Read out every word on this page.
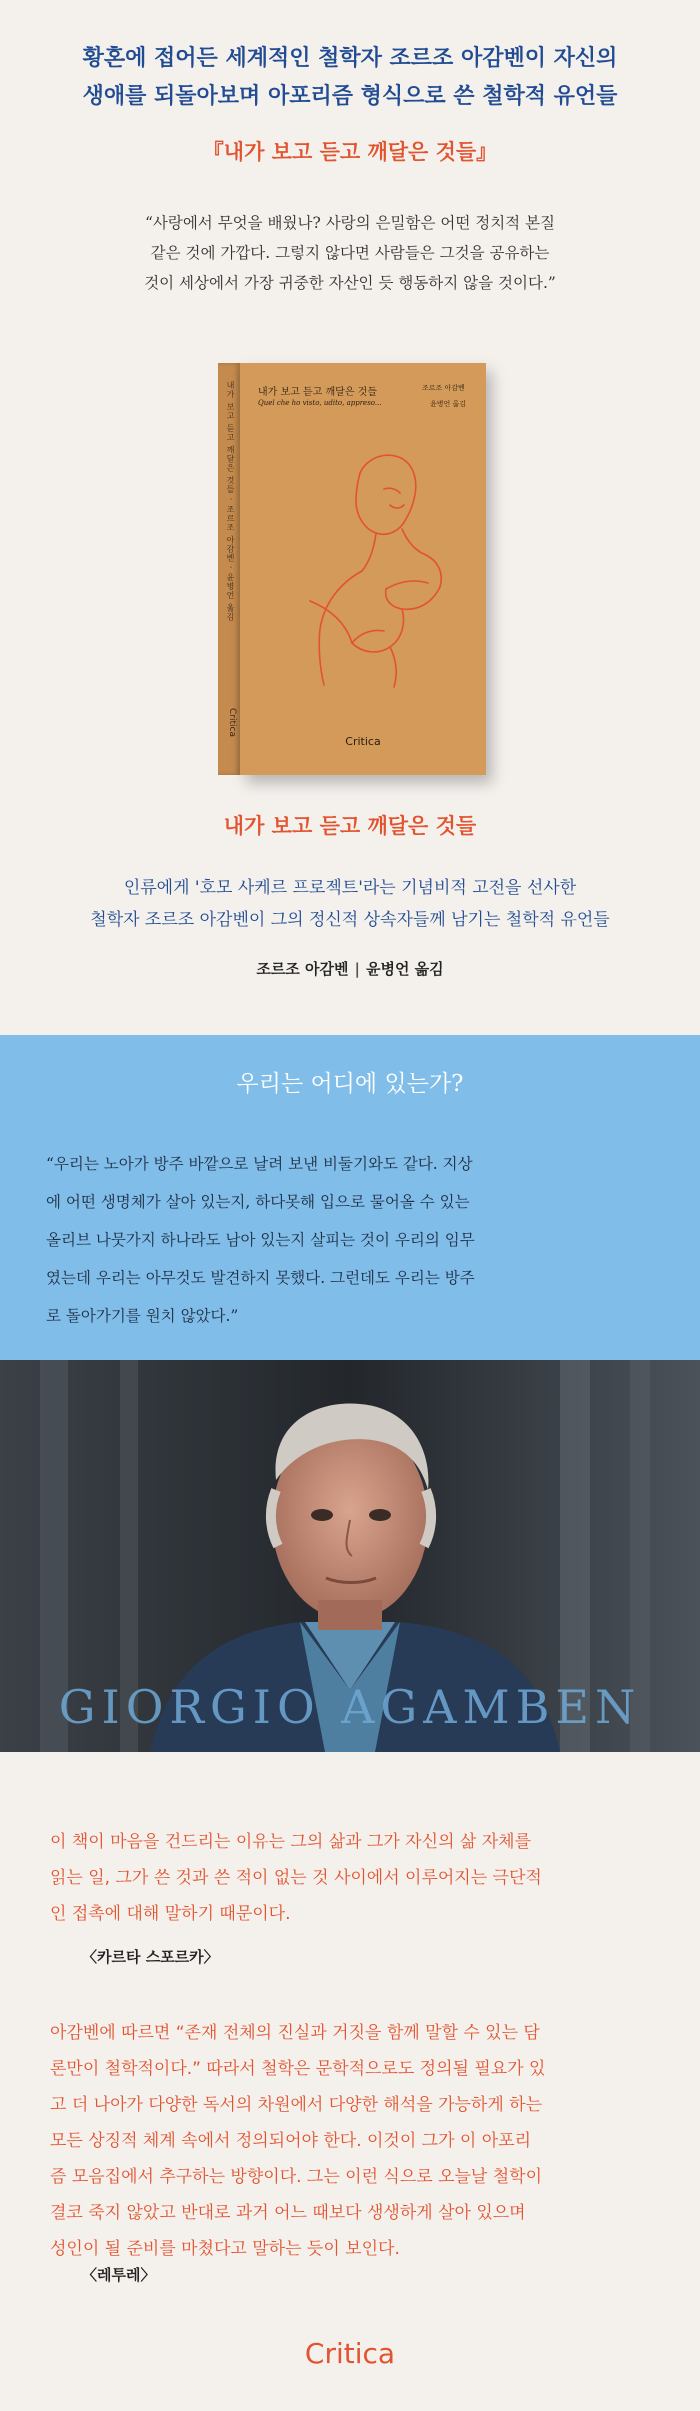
황혼에 접어든 세계적인 철학자 조르조 아감벤이 자신의
생애를 되돌아보며 아포리즘 형식으로 쓴 철학적 유언들
『내가 보고 듣고 깨달은 것들』
“사랑에서 무엇을 배웠나? 사랑의 은밀함은 어떤 정치적 본질
같은 것에 가깝다. 그렇지 않다면 사람들은 그것을 공유하는
것이 세상에서 가장 귀중한 자산인 듯 행동하지 않을 것이다.”
내가 보고 듣고 깨달은 것들 · 조르조 아감벤 · 윤병언 옮김
Critica
내가 보고 듣고 깨달은 것들
Quel che ho visto, udito, appreso...
조르조 아감벤
윤병언 옮김
Critica
내가 보고 듣고 깨달은 것들
인류에게 '호모 사케르 프로젝트'라는 기념비적 고전을 선사한
철학자 조르조 아감벤이 그의 정신적 상속자들께 남기는 철학적 유언들
조르조 아감벤 | 윤병언 옮김
우리는 어디에 있는가?
“우리는 노아가 방주 바깥으로 날려 보낸 비둘기와도 같다. 지상
에 어떤 생명체가 살아 있는지, 하다못해 입으로 물어올 수 있는
올리브 나뭇가지 하나라도 남아 있는지 살피는 것이 우리의 임무
였는데 우리는 아무것도 발견하지 못했다. 그런데도 우리는 방주
로 돌아가기를 원치 않았다.”
이 책이 마음을 건드리는 이유는 그의 삶과 그가 자신의 삶 자체를
읽는 일, 그가 쓴 것과 쓴 적이 없는 것 사이에서 이루어지는 극단적
인 접촉에 대해 말하기 때문이다.
〈카르타 스포르카〉
아감벤에 따르면 “존재 전체의 진실과 거짓을 함께 말할 수 있는 담
론만이 철학적이다.” 따라서 철학은 문학적으로도 정의될 필요가 있
고 더 나아가 다양한 독서의 차원에서 다양한 해석을 가능하게 하는
모든 상징적 체계 속에서 정의되어야 한다. 이것이 그가 이 아포리
즘 모음집에서 추구하는 방향이다. 그는 이런 식으로 오늘날 철학이
결코 죽지 않았고 반대로 과거 어느 때보다 생생하게 살아 있으며
성인이 될 준비를 마쳤다고 말하는 듯이 보인다.
〈레투레〉
Critica
GIORGIO AGAMBEN
